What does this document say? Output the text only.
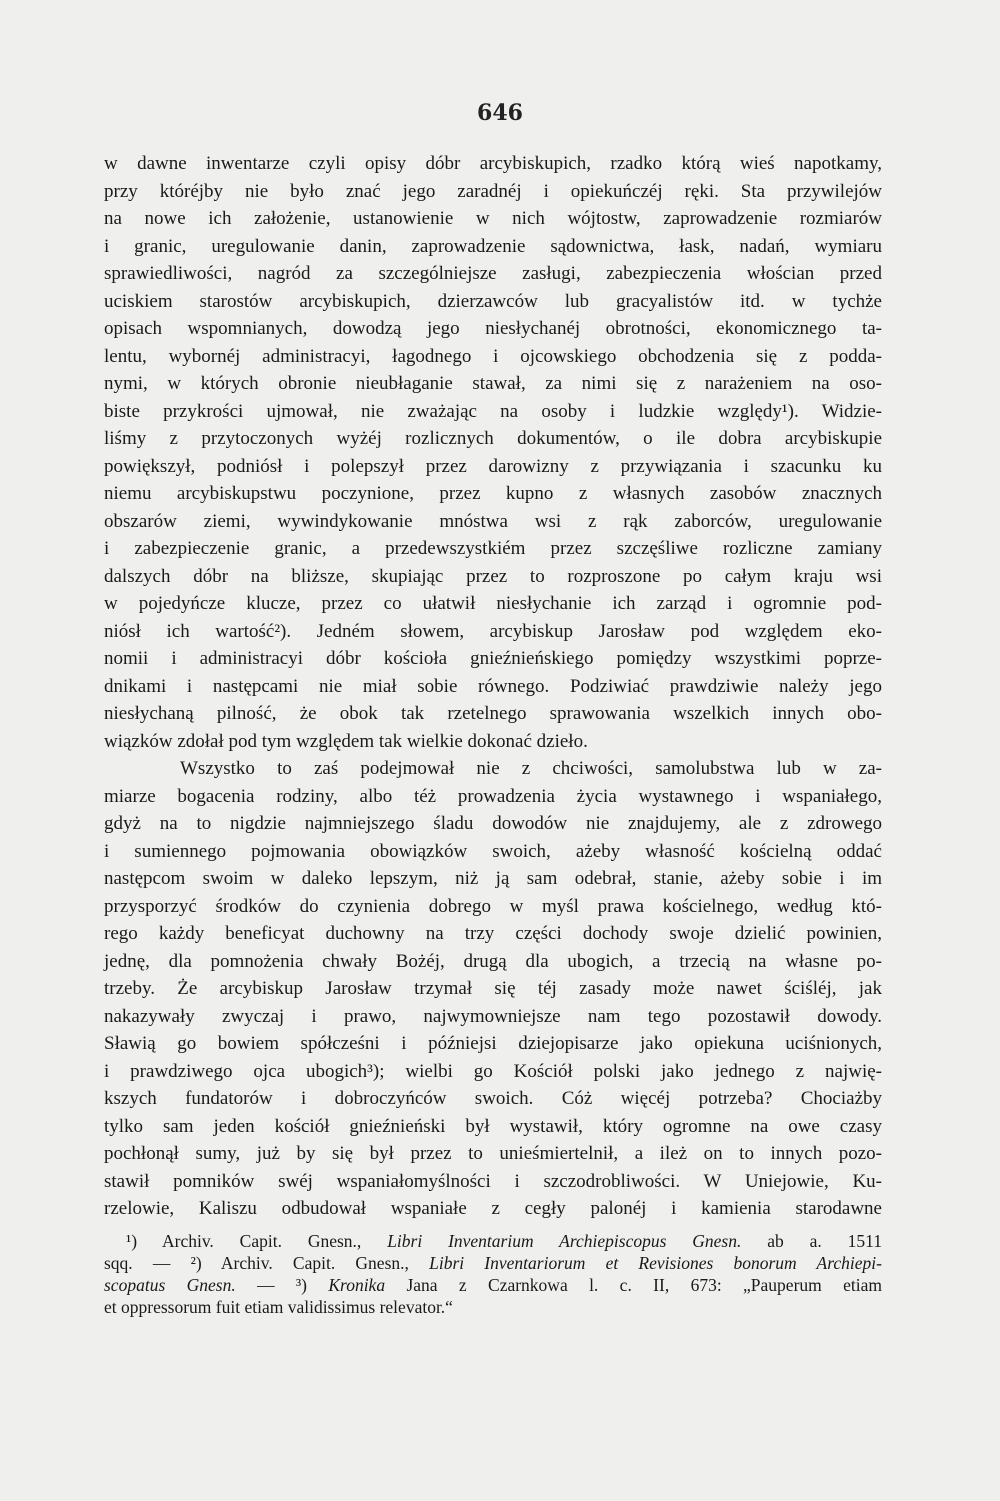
646
w dawne inwentarze czyli opisy dóbr arcybiskupich, rzadko którą wieś napotkamy,
przy któréjby nie było znać jego zaradnéj i opiekuńczéj ręki. Sta przywilejów
na nowe ich założenie, ustanowienie w nich wójtostw, zaprowadzenie rozmiarów
i granic, uregulowanie danin, zaprowadzenie sądownictwa, łask, nadań, wymiaru
sprawiedliwości, nagród za szczególniejsze zasługi, zabezpieczenia włościan przed
uciskiem starostów arcybiskupich, dzierzawców lub gracyalistów itd. w tychże
opisach wspomnianych, dowodzą jego niesłychanéj obrotności, ekonomicznego ta-
lentu, wybornéj administracyi, łagodnego i ojcowskiego obchodzenia się z podda-
nymi, w których obronie nieubłaganie stawał, za nimi się z narażeniem na oso-
biste przykrości ujmował, nie zważając na osoby i ludzkie względy¹). Widzie-
liśmy z przytoczonych wyżéj rozlicznych dokumentów, o ile dobra arcybiskupie
powiększył, podniósł i polepszył przez darowizny z przywiązania i szacunku ku
niemu arcybiskupstwu poczynione, przez kupno z własnych zasobów znacznych
obszarów ziemi, wywindykowanie mnóstwa wsi z rąk zaborców, uregulowanie
i zabezpieczenie granic, a przedewszystkiém przez szczęśliwe rozliczne zamiany
dalszych dóbr na bliższe, skupiając przez to rozproszone po całym kraju wsi
w pojedyńcze klucze, przez co ułatwił niesłychanie ich zarząd i ogromnie pod-
niósł ich wartość²). Jedném słowem, arcybiskup Jarosław pod względem eko-
nomii i administracyi dóbr kościoła gnieźnieńskiego pomiędzy wszystkimi poprze-
dnikami i następcami nie miał sobie równego. Podziwiać prawdziwie należy jego
niesłychaną pilność, że obok tak rzetelnego sprawowania wszelkich innych obo-
wiązków zdołał pod tym względem tak wielkie dokonać dzieło.
Wszystko to zaś podejmował nie z chciwości, samolubstwa lub w za-
miarze bogacenia rodziny, albo téż prowadzenia życia wystawnego i wspaniałego,
gdyż na to nigdzie najmniejszego śladu dowodów nie znajdujemy, ale z zdrowego
i sumiennego pojmowania obowiązków swoich, ażeby własność kościelną oddać
następcom swoim w daleko lepszym, niż ją sam odebrał, stanie, ażeby sobie i im
przysporzyć środków do czynienia dobrego w myśl prawa kościelnego, według któ-
rego każdy beneficyat duchowny na trzy części dochody swoje dzielić powinien,
jednę, dla pomnożenia chwały Bożéj, drugą dla ubogich, a trzecią na własne po-
trzeby. Że arcybiskup Jarosław trzymał się téj zasady może nawet ściśléj, jak
nakazywały zwyczaj i prawo, najwymowniejsze nam tego pozostawił dowody.
Sławią go bowiem spółcześni i późniejsi dziejopisarze jako opiekuna uciśnionych,
i prawdziwego ojca ubogich³); wielbi go Kościół polski jako jednego z najwię-
kszych fundatorów i dobroczyńców swoich. Cóż więcéj potrzeba? Chociażby
tylko sam jeden kościół gnieźnieński był wystawił, który ogromne na owe czasy
pochłonął sumy, już by się był przez to unieśmiertelnił, a ileż on to innych pozo-
stawił pomników swéj wspaniałomyślności i szczodrobliwości. W Uniejowie, Ku-
rzelowie, Kaliszu odbudował wspaniałe z cegły palonéj i kamienia starodawne
¹) Archiv. Capit. Gnesn., Libri Inventarium Archiepiscopus Gnesn. ab a. 1511
sqq. — ²) Archiv. Capit. Gnesn., Libri Inventariorum et Revisiones bonorum Archiepi-
scopatus Gnesn. — ³) Kronika Jana z Czarnkowa l. c. II, 673: „Pauperum etiam
et oppressorum fuit etiam validissimus relevator.“
